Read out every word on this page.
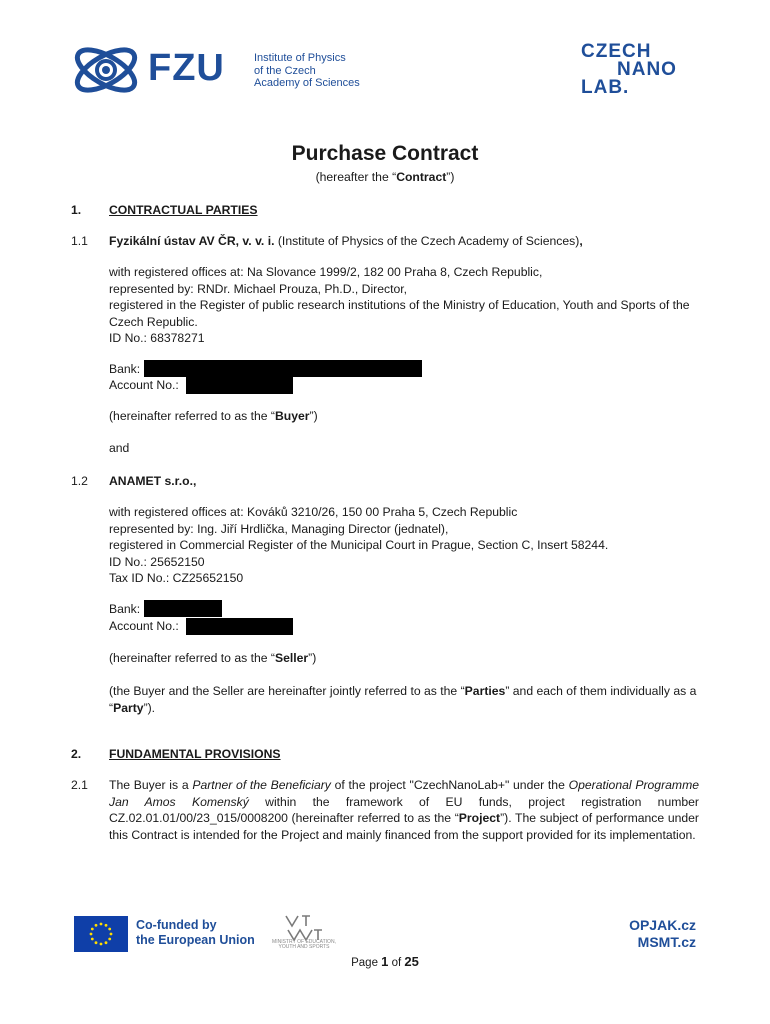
FZU	Institute of Physics
of the Czech
Academy of Sciences
CZECH
NANO
LAB.
Purchase Contract
(hereafter the “Contract”)
1. CONTRACTUAL PARTIES
1.1 Fyzikální ústav AV ČR, v. v. i. (Institute of Physics of the Czech Academy of Sciences),
with registered offices at: Na Slovance 1999/2, 182 00 Praha 8, Czech Republic,
represented by: RNDr. Michael Prouza, Ph.D., Director,
registered in the Register of public research institutions of the Ministry of Education, Youth and Sports of the Czech Republic.
ID No.: 68378271
Bank:
Account No.:
(hereinafter referred to as the “Buyer”)
and
1.2 ANAMET s.r.o.,
with registered offices at: Kováků 3210/26, 150 00 Praha 5, Czech Republic
represented by: Ing. Jiří Hrdlička, Managing Director (jednatel),
registered in Commercial Register of the Municipal Court in Prague, Section C, Insert 58244.
ID No.: 25652150
Tax ID No.: CZ25652150
Bank:
Account No.:
(hereinafter referred to as the “Seller”)
(the Buyer and the Seller are hereinafter jointly referred to as the “Parties” and each of them individually as a “Party”).
2. FUNDAMENTAL PROVISIONS
2.1 The Buyer is a Partner of the Beneficiary of the project "CzechNanoLab+" under the Operational Programme Jan Amos Komenský within the framework of EU funds, project registration number CZ.02.01.01/00/23_015/0008200 (hereinafter referred to as the “Project”). The subject of performance under this Contract is intended for the Project and mainly financed from the support provided for its implementation.
Co-funded by
the European Union	MINISTRY OF EDUCATION, YOUTH AND SPORTS
OPJAK.cz
MSMT.cz
Page 1 of 25
